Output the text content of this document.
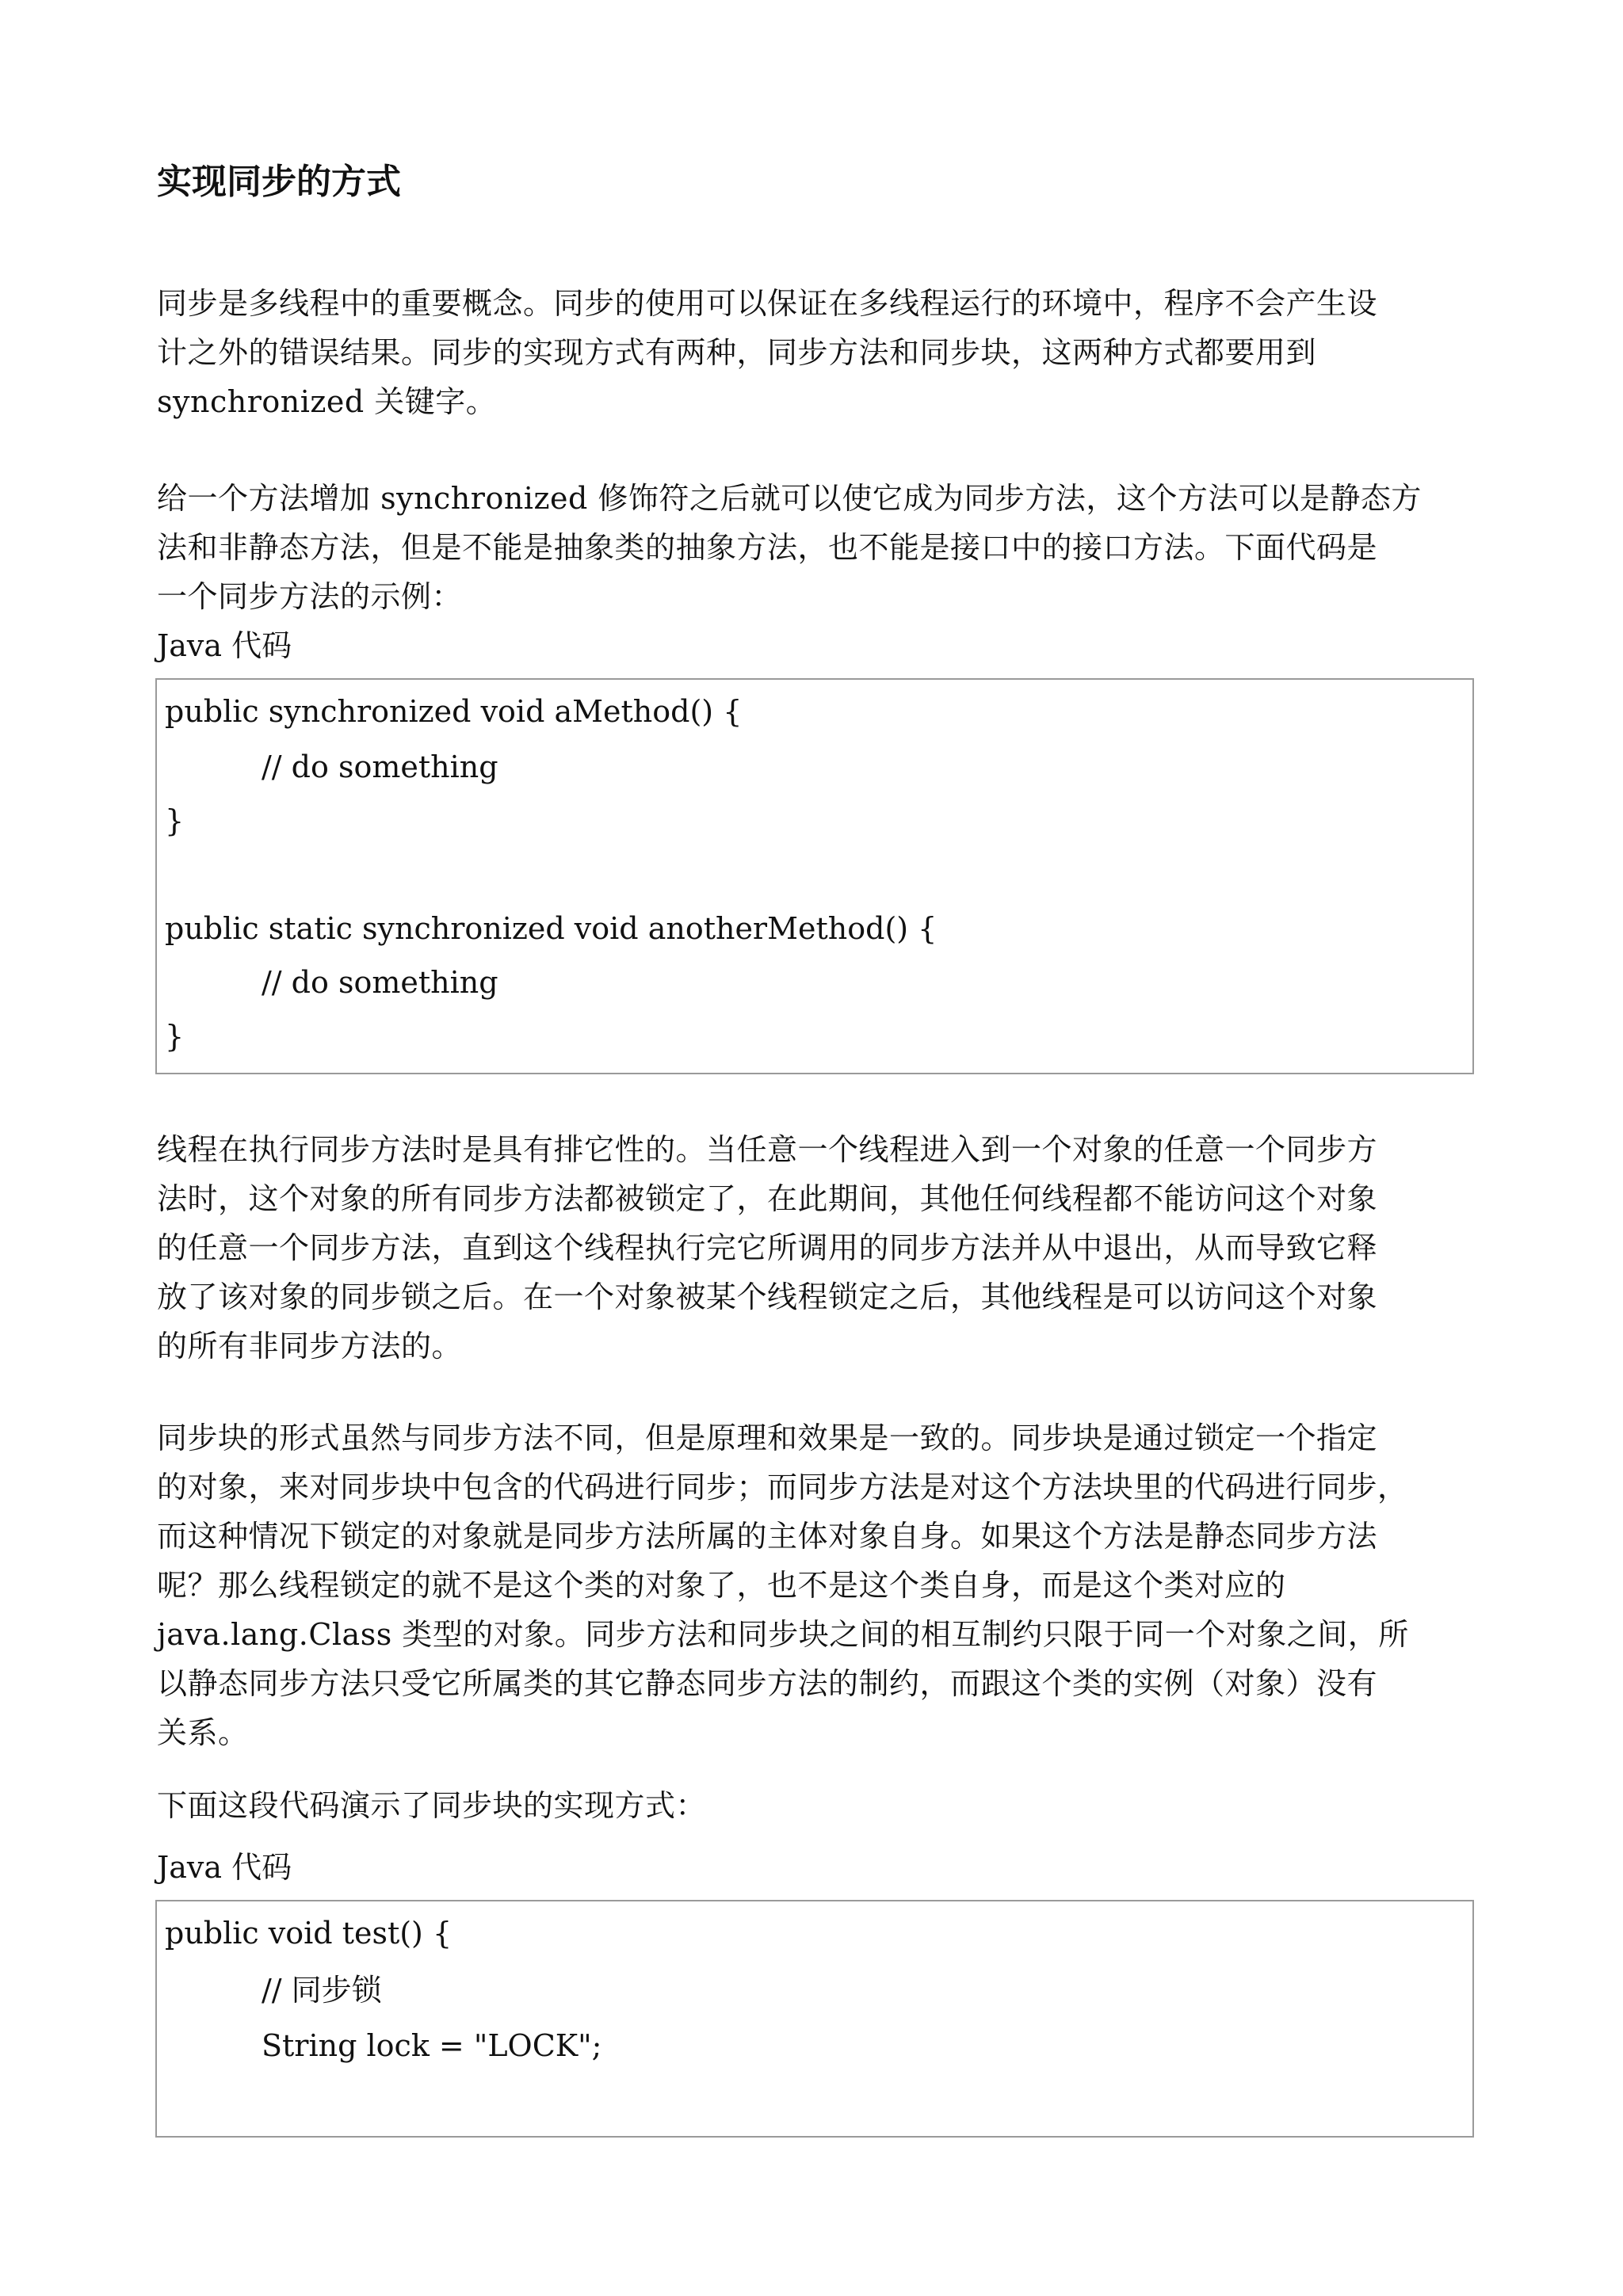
实现同步的方式

同步是多线程中的重要概念。同步的使用可以保证在多线程运行的环境中，程序不会产生设
计之外的错误结果。同步的实现方式有两种，同步方法和同步块，这两种方式都要用到
synchronized 关键字。

给一个方法增加 synchronized 修饰符之后就可以使它成为同步方法，这个方法可以是静态方
法和非静态方法，但是不能是抽象类的抽象方法，也不能是接口中的接口方法。下面代码是
一个同步方法的示例：

Java 代码

public synchronized void aMethod() {
// do something
}
public static synchronized void anotherMethod() {
// do something
}

线程在执行同步方法时是具有排它性的。当任意一个线程进入到一个对象的任意一个同步方
法时，这个对象的所有同步方法都被锁定了，在此期间，其他任何线程都不能访问这个对象
的任意一个同步方法，直到这个线程执行完它所调用的同步方法并从中退出，从而导致它释
放了该对象的同步锁之后。在一个对象被某个线程锁定之后，其他线程是可以访问这个对象
的所有非同步方法的。

同步块的形式虽然与同步方法不同，但是原理和效果是一致的。同步块是通过锁定一个指定
的对象，来对同步块中包含的代码进行同步；而同步方法是对这个方法块里的代码进行同步，
而这种情况下锁定的对象就是同步方法所属的主体对象自身。如果这个方法是静态同步方法
呢？那么线程锁定的就不是这个类的对象了，也不是这个类自身，而是这个类对应的
java.lang.Class 类型的对象。同步方法和同步块之间的相互制约只限于同一个对象之间，所
以静态同步方法只受它所属类的其它静态同步方法的制约，而跟这个类的实例（对象）没有
关系。

下面这段代码演示了同步块的实现方式：

Java 代码

public void test() {
// 同步锁
String lock = "LOCK";
